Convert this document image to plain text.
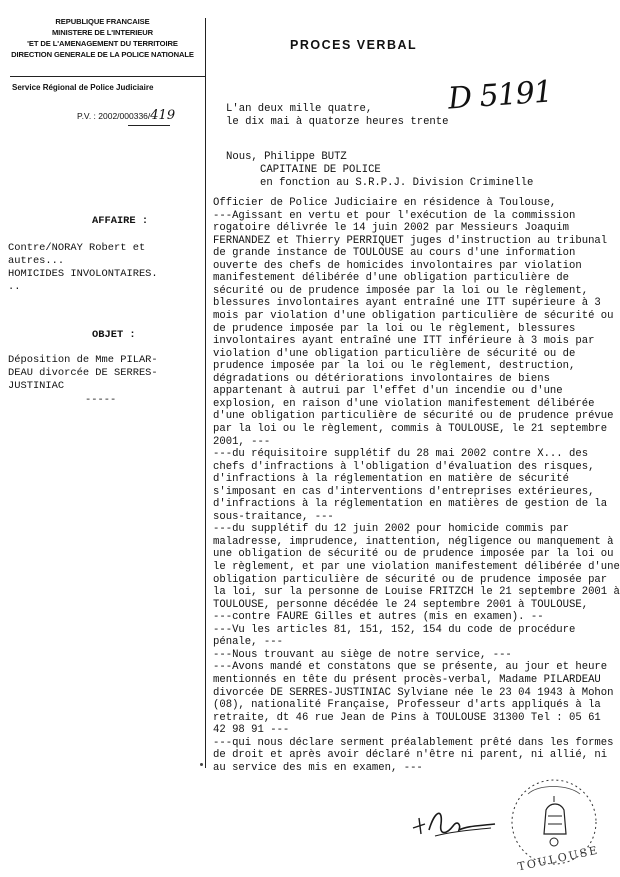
REPUBLIQUE FRANCAISE
MINISTERE DE L'INTERIEUR
'ET DE L'AMENAGEMENT DU TERRITOIRE
DIRECTION GENERALE DE LA POLICE NATIONALE
Service Régional de Police Judiciaire
P.V. : 2002/000336/419
PROCES VERBAL
D 5191
L'an deux mille quatre,
le dix mai à quatorze heures trente
Nous, Philippe BUTZ
CAPITAINE DE POLICE
en fonction au S.R.P.J. Division Criminelle
AFFAIRE :
Contre/NORAY Robert et
autres...
HOMICIDES INVOLONTAIRES.
..
OBJET :
Déposition de Mme PILAR-
DEAU divorcée DE SERRES-
JUSTINIAC
-----
Officier de Police Judiciaire en résidence à Toulouse,
---Agissant en vertu et pour l'exécution de la commission
rogatoire délivrée le 14 juin 2002 par Messieurs Joaquim
FERNANDEZ et Thierry PERRIQUET juges d'instruction au tribunal
de grande instance de TOULOUSE au cours d'une information
ouverte des chefs de homicides involontaires par violation
manifestement délibérée d'une obligation particulière de
sécurité ou de prudence imposée par la loi ou le règlement,
blessures involontaires ayant entraîné une ITT supérieure à 3
mois par violation d'une obligation particulière de sécurité ou
de prudence imposée par la loi ou le règlement, blessures
involontaires ayant entraîné une ITT inférieure à 3 mois par
violation d'une obligation particulière de sécurité ou de
prudence imposée par la loi ou le règlement, destruction,
dégradations ou détériorations involontaires de biens
appartenant à autrui par l'effet d'un incendie ou d'une
explosion, en raison d'une violation manifestement délibérée
d'une obligation particulière de sécurité ou de prudence prévue
par la loi ou le règlement, commis à TOULOUSE, le 21 septembre
2001, ---
---du réquisitoire supplétif du 28 mai 2002 contre X... des
chefs d'infractions à l'obligation d'évaluation des risques,
d'infractions à la réglementation en matière de sécurité
s'imposant en cas d'interventions d'entreprises extérieures,
d'infractions à la réglementation en matières de gestion de la
sous-traitance, ---
---du supplétif du 12 juin 2002 pour homicide commis par
maladresse, imprudence, inattention, négligence ou manquement à
une obligation de sécurité ou de prudence imposée par la loi ou
le règlement, et par une violation manifestement délibérée d'une
obligation particulière de sécurité ou de prudence imposée par
la loi, sur la personne de Louise FRITZCH le 21 septembre 2001 à
TOULOUSE, personne décédée le 24 septembre 2001 à TOULOUSE,
---contre FAURE Gilles et autres (mis en examen). --
---Vu les articles 81, 151, 152, 154 du code de procédure
pénale, ---
---Nous trouvant au siège de notre service, ---
---Avons mandé et constatons que se présente, au jour et heure
mentionnés en tête du présent procès-verbal, Madame PILARDEAU
divorcée DE SERRES-JUSTINIAC Sylviane née le 23 04 1943 à Mohon
(08), nationalité Française, Professeur d'arts appliqués à la
retraite, dt 46 rue Jean de Pins à TOULOUSE 31300 Tel : 05 61
42 98 91 ---
---qui nous déclare serment préalablement prêté dans les formes
de droit et après avoir déclaré n'être ni parent, ni allié, ni
au service des mis en examen, ---
TOULOUSE
